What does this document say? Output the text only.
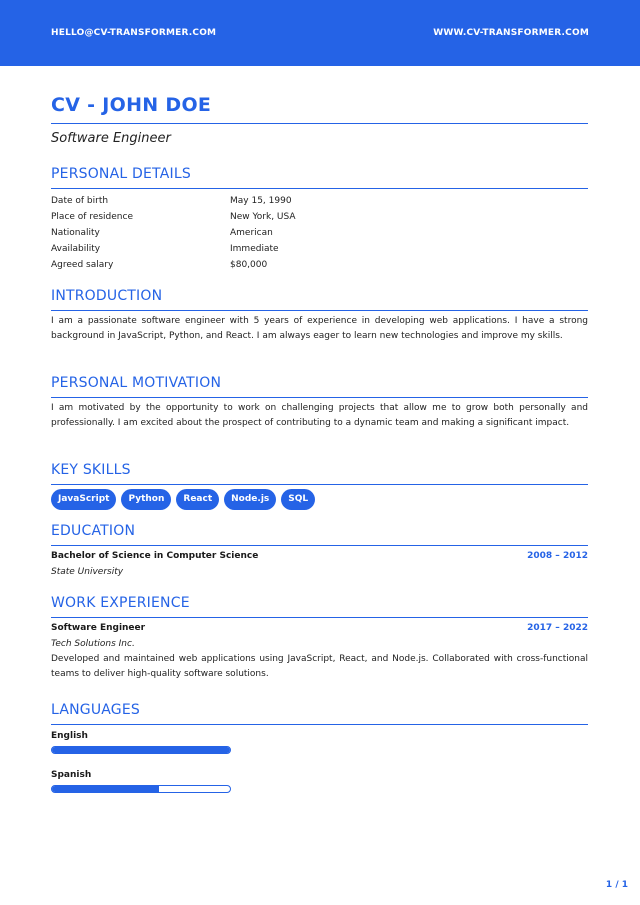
HELLO@CV-TRANSFORMER.COM	WWW.CV-TRANSFORMER.COM
CV - JOHN DOE
Software Engineer
PERSONAL DETAILS
Date of birth	May 15, 1990
Place of residence	New York, USA
Nationality	American
Availability	Immediate
Agreed salary	$80,000
INTRODUCTION
I am a passionate software engineer with 5 years of experience in developing web applications. I have a strong background in JavaScript, Python, and React. I am always eager to learn new technologies and improve my skills.
PERSONAL MOTIVATION
I am motivated by the opportunity to work on challenging projects that allow me to grow both personally and professionally. I am excited about the prospect of contributing to a dynamic team and making a significant impact.
KEY SKILLS
JavaScript	Python	React	Node.js	SQL
EDUCATION
Bachelor of Science in Computer Science	2008 – 2012
State University
WORK EXPERIENCE
Software Engineer	2017 – 2022
Tech Solutions Inc.
Developed and maintained web applications using JavaScript, React, and Node.js. Collaborated with cross-functional teams to deliver high-quality software solutions.
LANGUAGES
English
Spanish
1 / 1
